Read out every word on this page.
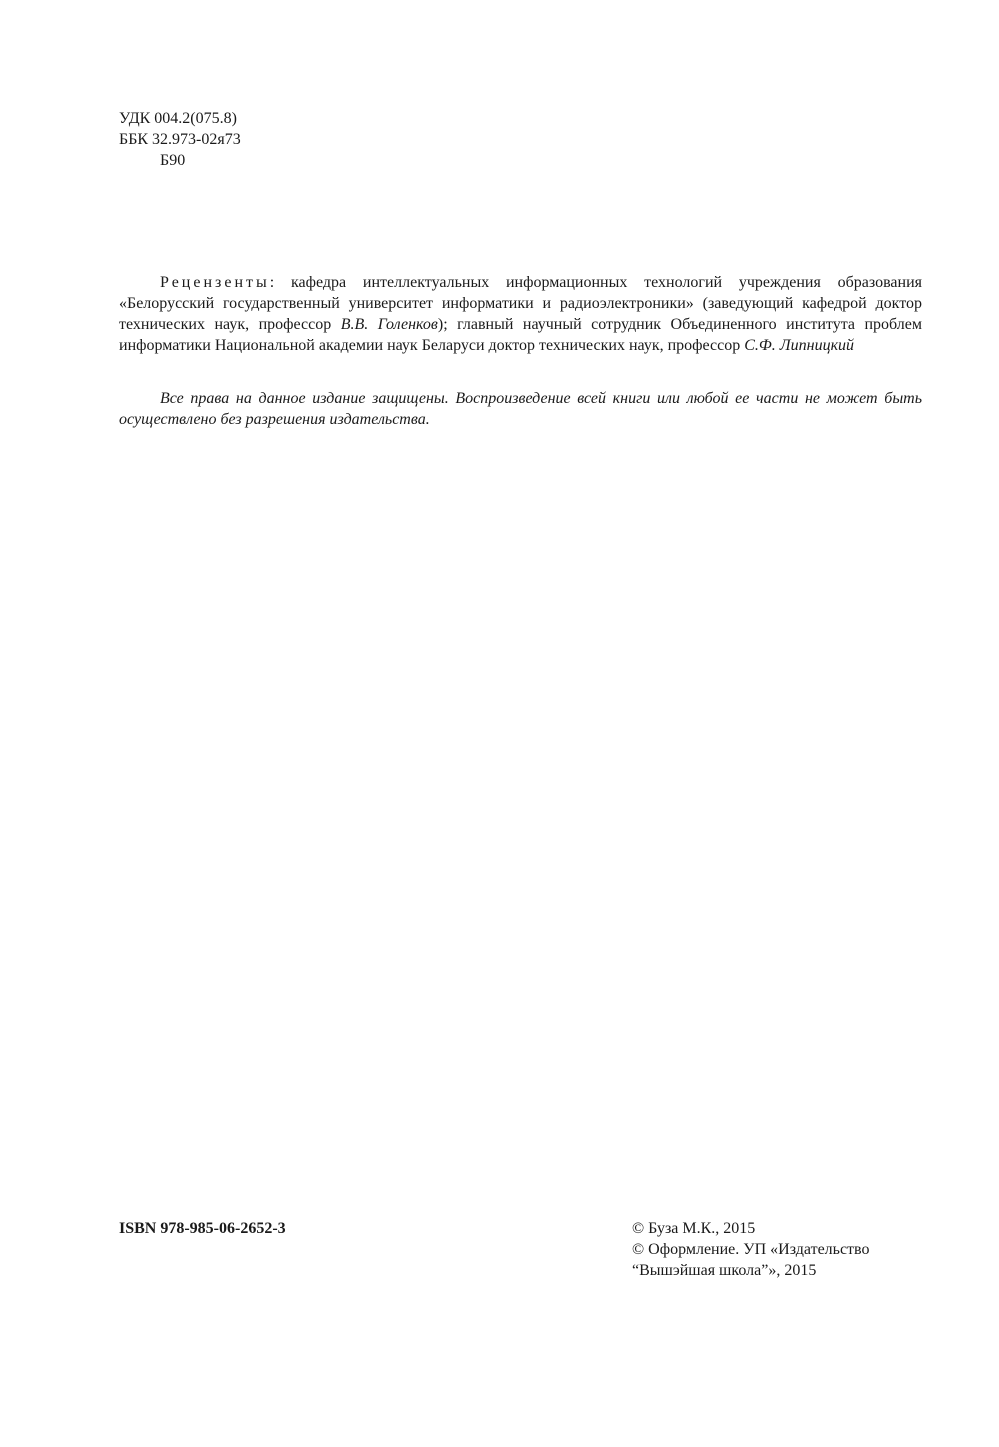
УДК 004.2(075.8)
ББК 32.973-02я73
Б90
Рецензенты: кафедра интеллектуальных информационных технологий учреждения образования «Белорусский государственный университет информатики и радиоэлектроники» (заведующий кафедрой доктор технических наук, профессор В.В. Голенков); главный научный сотрудник Объединенного института проблем информатики Национальной академии наук Беларуси доктор технических наук, профессор С.Ф. Липницкий
Все права на данное издание защищены. Воспроизведение всей книги или любой ее части не может быть осуществлено без разрешения издательства.
ISBN 978-985-06-2652-3	© Буза М.К., 2015
© Оформление. УП «Издательство
“Вышэйшая школа”», 2015
